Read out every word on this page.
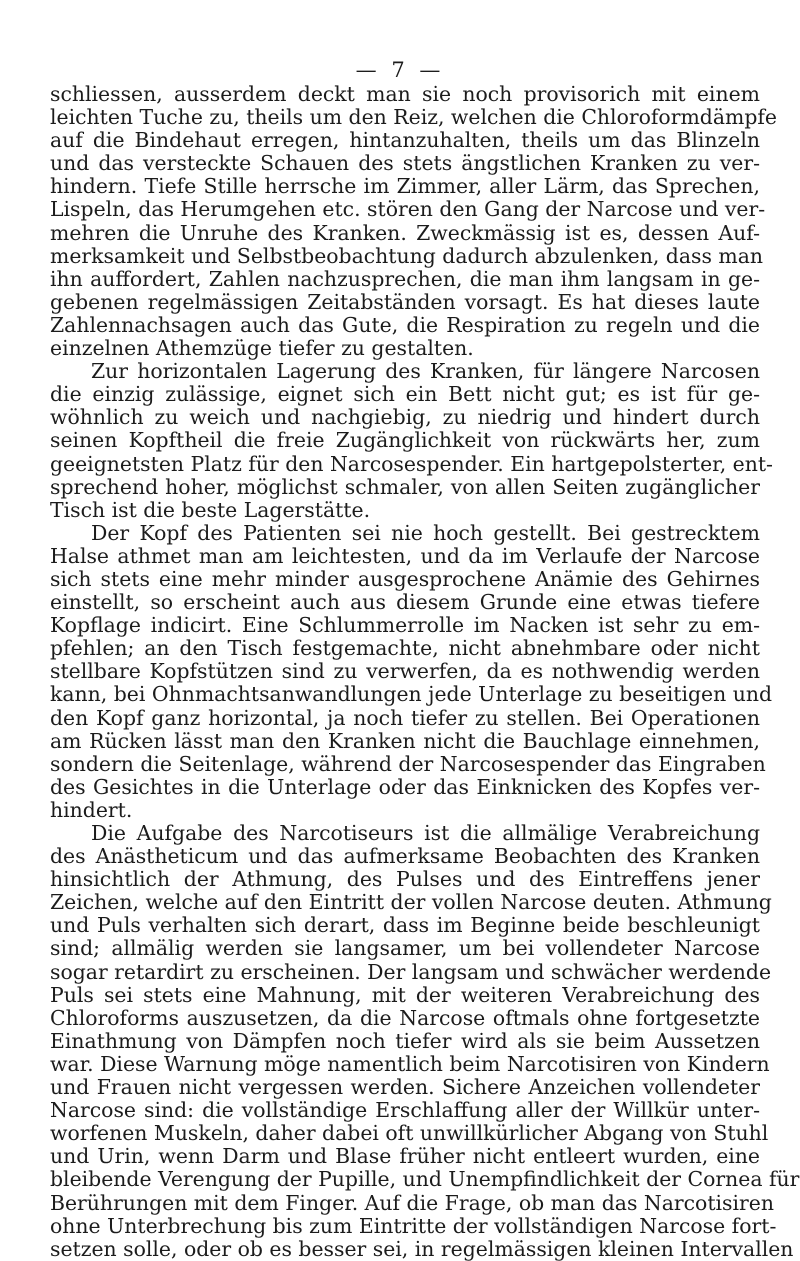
— 7 —

schliessen, ausserdem deckt man sie noch provisorich mit einem
leichten Tuche zu, theils um den Reiz, welchen die Chloroformdämpfe
auf die Bindehaut erregen, hintanzuhalten, theils um das Blinzeln
und das versteckte Schauen des stets ängstlichen Kranken zu ver-
hindern. Tiefe Stille herrsche im Zimmer, aller Lärm, das Sprechen,
Lispeln, das Herumgehen etc. stören den Gang der Narcose und ver-
mehren die Unruhe des Kranken. Zweckmässig ist es, dessen Auf-
merksamkeit und Selbstbeobachtung dadurch abzulenken, dass man
ihn auffordert, Zahlen nachzusprechen, die man ihm langsam in ge-
gebenen regelmässigen Zeitabständen vorsagt. Es hat dieses laute
Zahlennachsagen auch das Gute, die Respiration zu regeln und die
einzelnen Athemzüge tiefer zu gestalten.

Zur horizontalen Lagerung des Kranken, für längere Narcosen
die einzig zulässige, eignet sich ein Bett nicht gut; es ist für ge-
wöhnlich zu weich und nachgiebig, zu niedrig und hindert durch
seinen Kopftheil die freie Zugänglichkeit von rückwärts her, zum
geeignetsten Platz für den Narcosespender. Ein hartgepolsterter, ent-
sprechend hoher, möglichst schmaler, von allen Seiten zugänglicher
Tisch ist die beste Lagerstätte.

Der Kopf des Patienten sei nie hoch gestellt. Bei gestrecktem
Halse athmet man am leichtesten, und da im Verlaufe der Narcose
sich stets eine mehr minder ausgesprochene Anämie des Gehirnes
einstellt, so erscheint auch aus diesem Grunde eine etwas tiefere
Kopflage indicirt. Eine Schlummerrolle im Nacken ist sehr zu em-
pfehlen; an den Tisch festgemachte, nicht abnehmbare oder nicht
stellbare Kopfstützen sind zu verwerfen, da es nothwendig werden
kann, bei Ohnmachtsanwandlungen jede Unterlage zu beseitigen und
den Kopf ganz horizontal, ja noch tiefer zu stellen. Bei Operationen
am Rücken lässt man den Kranken nicht die Bauchlage einnehmen,
sondern die Seitenlage, während der Narcosespender das Eingraben
des Gesichtes in die Unterlage oder das Einknicken des Kopfes ver-
hindert.

Die Aufgabe des Narcotiseurs ist die allmälige Verabreichung
des Anästheticum und das aufmerksame Beobachten des Kranken
hinsichtlich der Athmung, des Pulses und des Eintreffens jener
Zeichen, welche auf den Eintritt der vollen Narcose deuten. Athmung
und Puls verhalten sich derart, dass im Beginne beide beschleunigt
sind; allmälig werden sie langsamer, um bei vollendeter Narcose
sogar retardirt zu erscheinen. Der langsam und schwächer werdende
Puls sei stets eine Mahnung, mit der weiteren Verabreichung des
Chloroforms auszusetzen, da die Narcose oftmals ohne fortgesetzte
Einathmung von Dämpfen noch tiefer wird als sie beim Aussetzen
war. Diese Warnung möge namentlich beim Narcotisiren von Kindern
und Frauen nicht vergessen werden. Sichere Anzeichen vollendeter
Narcose sind: die vollständige Erschlaffung aller der Willkür unter-
worfenen Muskeln, daher dabei oft unwillkürlicher Abgang von Stuhl
und Urin, wenn Darm und Blase früher nicht entleert wurden, eine
bleibende Verengung der Pupille, und Unempfindlichkeit der Cornea für
Berührungen mit dem Finger. Auf die Frage, ob man das Narcotisiren
ohne Unterbrechung bis zum Eintritte der vollständigen Narcose fort-
setzen solle, oder ob es besser sei, in regelmässigen kleinen Intervallen
